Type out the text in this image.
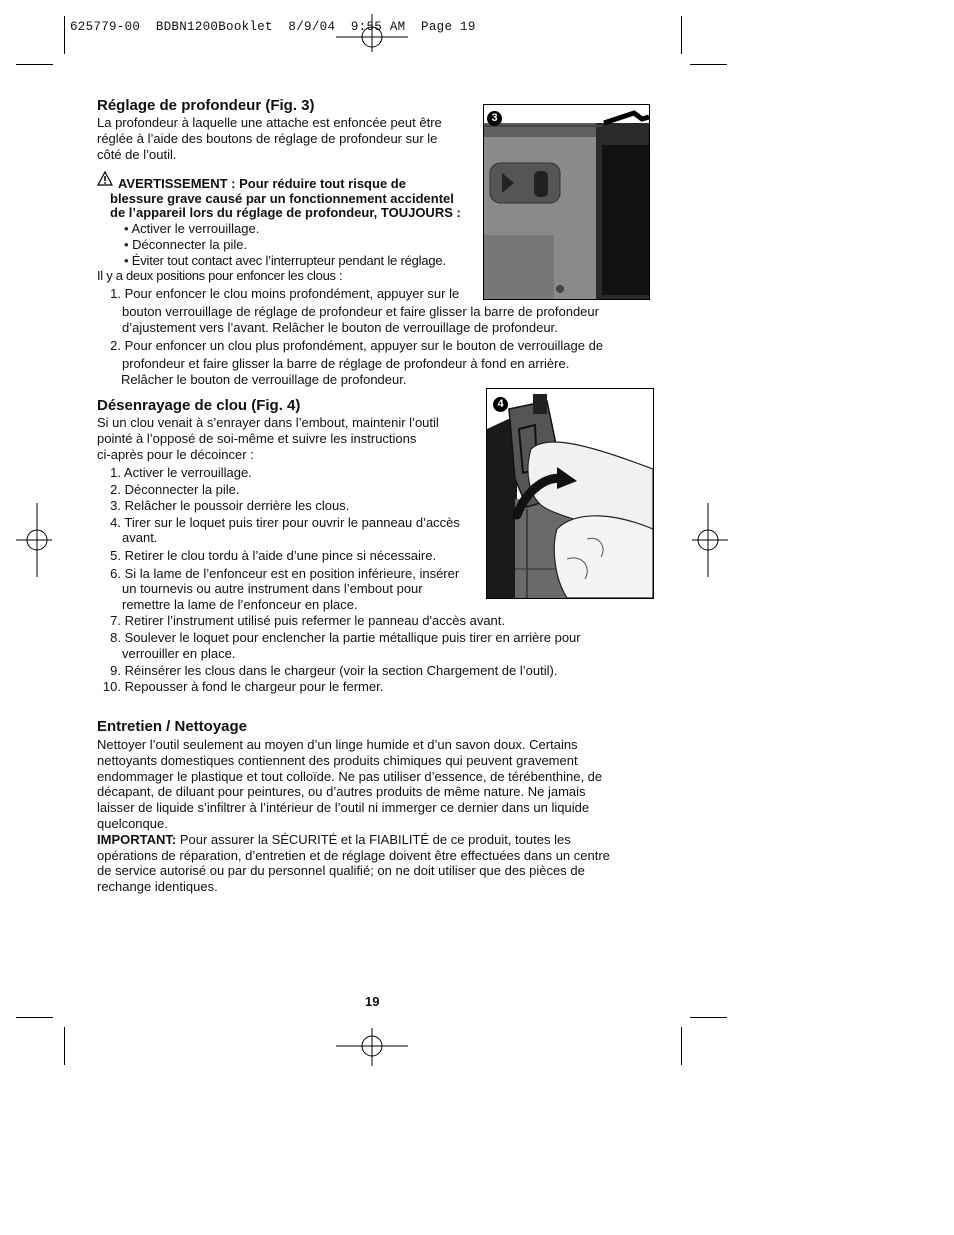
625779-00  BDBN1200Booklet  8/9/04  9:55 AM  Page 19
Réglage de profondeur (Fig. 3)
La profondeur à laquelle une attache est enfoncée peut être
réglée à l’aide des boutons de réglage de profondeur sur le
côté de l’outil.
AVERTISSEMENT : Pour réduire tout risque de
blessure grave causé par un fonctionnement accidentel
de l’appareil lors du réglage de profondeur, TOUJOURS :
• Activer le verrouillage.
• Déconnecter la pile.
• Éviter tout contact avec l’interrupteur pendant le réglage.
Il y a deux positions pour enfoncer les clous :
1. Pour enfoncer le clou moins profondément, appuyer sur le
bouton verrouillage de réglage de profondeur et faire glisser la barre de profondeur
d’ajustement vers l’avant. Relâcher le bouton de verrouillage de profondeur.
2. Pour enfoncer un clou plus profondément, appuyer sur le bouton de verrouillage de
profondeur et faire glisser la barre de réglage de profondeur à fond en arrière.
Relâcher le bouton de verrouillage de profondeur.
3
Désenrayage de clou (Fig. 4)
Si un clou venait à s’enrayer dans l’embout, maintenir l’outil
pointé à l’opposé de soi-même et suivre les instructions
ci-après pour le décoincer :
1. Activer le verrouillage.
2. Déconnecter la pile.
3. Relâcher le poussoir derrière les clous.
4. Tirer sur le loquet puis tirer pour ouvrir le panneau d’accès
avant.
5. Retirer le clou tordu à l’aide d’une pince si nécessaire.
6. Si la lame de l’enfonceur est en position inférieure, insérer
un tournevis ou autre instrument dans l’embout pour
remettre la lame de l’enfonceur en place.
7. Retirer l’instrument utilisé puis refermer le panneau d'accès avant.
8. Soulever le loquet pour enclencher la partie métallique puis tirer en arrière pour
verrouiller en place.
9. Réinsérer les clous dans le chargeur (voir la section Chargement de l’outil).
10. Repousser à fond le chargeur pour le fermer.
4
Entretien / Nettoyage
Nettoyer l’outil seulement au moyen d’un linge humide et d’un savon doux. Certains
nettoyants domestiques contiennent des produits chimiques qui peuvent gravement
endommager le plastique et tout colloïde. Ne pas utiliser d’essence, de térébenthine, de
décapant, de diluant pour peintures, ou d’autres produits de même nature. Ne jamais
laisser de liquide s’infiltrer à l’intérieur de l’outil ni immerger ce dernier dans un liquide
quelconque.
IMPORTANT: Pour assurer la SÉCURITÉ et la FIABILITÉ de ce produit, toutes les
opérations de réparation, d’entretien et de réglage doivent être effectuées dans un centre
de service autorisé ou par du personnel qualifié; on ne doit utiliser que des pièces de
rechange identiques.
19
